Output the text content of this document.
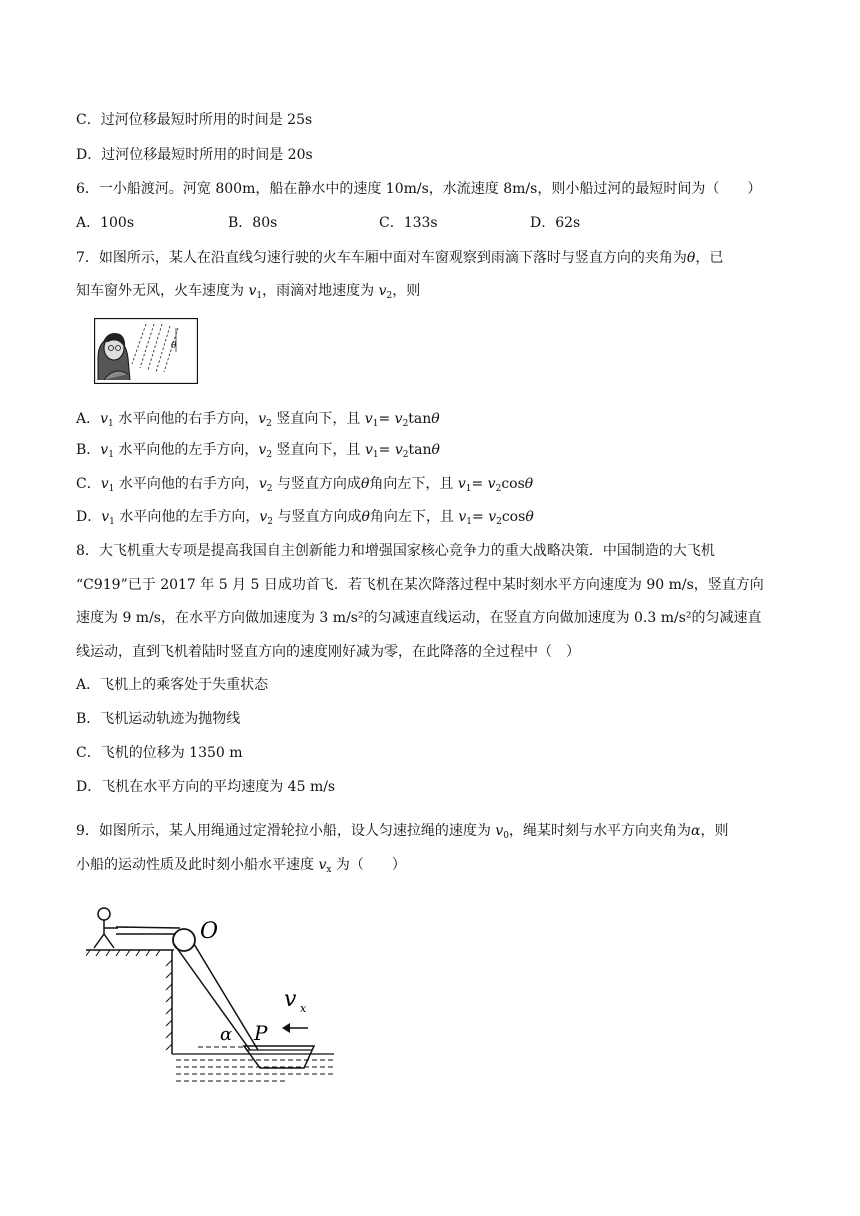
C．过河位移最短时所用的时间是 25s
D．过河位移最短时所用的时间是 20s
6．一小船渡河。河宽 800m，船在静水中的速度 10m/s，水流速度 8m/s，则小船过河的最短时间为（　　）
A．100s	B．80s	C．133s	D．62s
7．如图所示，某人在沿直线匀速行驶的火车车厢中面对车窗观察到雨滴下落时与竖直方向的夹角为θ，已
知车窗外无风，火车速度为 $v_1$，雨滴对地速度为 $v_2$，则
θ
A．$v_1$ 水平向他的右手方向，$v_2$ 竖直向下，且 $v_1= v_2\tan\theta$
B．$v_1$ 水平向他的左手方向，$v_2$ 竖直向下，且 $v_1= v_2\tan\theta$
C．$v_1$ 水平向他的右手方向，$v_2$ 与竖直方向成θ角向左下，且 $v_1= v_2\cos\theta$
D．$v_1$ 水平向他的左手方向，$v_2$ 与竖直方向成θ角向左下，且 $v_1= v_2\cos\theta$
8．大飞机重大专项是提高我国自主创新能力和增强国家核心竞争力的重大战略决策．中国制造的大飞机
“C919”已于 2017 年 5 月 5 日成功首飞．若飞机在某次降落过程中某时刻水平方向速度为 90 m/s，竖直方向
速度为 9 m/s，在水平方向做加速度为 3 m/s²的匀减速直线运动，在竖直方向做加速度为 0.3 m/s²的匀减速直
线运动，直到飞机着陆时竖直方向的速度刚好减为零，在此降落的全过程中（　）
A．飞机上的乘客处于失重状态
B．飞机运动轨迹为抛物线
C．飞机的位移为 1350 m
D．飞机在水平方向的平均速度为 45 m/s
9．如图所示，某人用绳通过定滑轮拉小船，设人匀速拉绳的速度为 $v_0$，绳某时刻与水平方向夹角为α，则
小船的运动性质及此时刻小船水平速度 $v_x$ 为（　　）
O
α P
v x
